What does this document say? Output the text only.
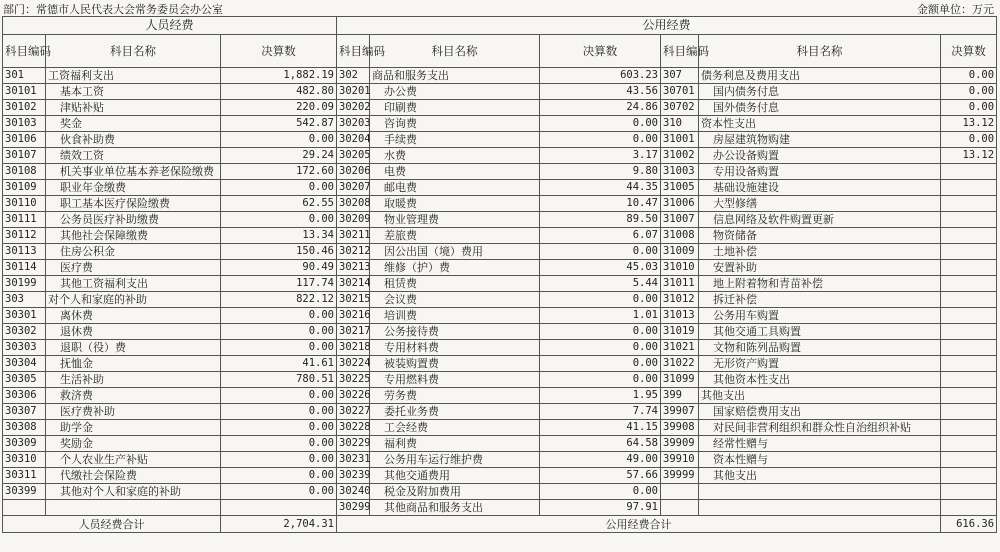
部门：常德市人民代表大会常务委员会办公室	金额单位：万元
人员经费			公用经费					
科目编码	科目名称	决算数	科目编码	科目名称	决算数	科目编码	科目名称	决算数
301	工资福利支出	1,882.19	302	商品和服务支出	603.23	307	债务利息及费用支出	0.00
30101	基本工资	482.80	30201	办公费	43.56	30701	国内债务付息	0.00
30102	津贴补贴	220.09	30202	印刷费	24.86	30702	国外债务付息	0.00
30103	奖金	542.87	30203	咨询费	0.00	310	资本性支出	13.12
30106	伙食补助费	0.00	30204	手续费	0.00	31001	房屋建筑物购建	0.00
30107	绩效工资	29.24	30205	水费	3.17	31002	办公设备购置	13.12
30108	机关事业单位基本养老保险缴费	172.60	30206	电费	9.80	31003	专用设备购置	
30109	职业年金缴费	0.00	30207	邮电费	44.35	31005	基础设施建设	
30110	职工基本医疗保险缴费	62.55	30208	取暖费	10.47	31006	大型修缮	
30111	公务员医疗补助缴费	0.00	30209	物业管理费	89.50	31007	信息网络及软件购置更新	
30112	其他社会保障缴费	13.34	30211	差旅费	6.07	31008	物资储备	
30113	住房公积金	150.46	30212	因公出国（境）费用	0.00	31009	土地补偿	
30114	医疗费	90.49	30213	维修（护）费	45.03	31010	安置补助	
30199	其他工资福利支出	117.74	30214	租赁费	5.44	31011	地上附着物和青苗补偿	
303	对个人和家庭的补助	822.12	30215	会议费	0.00	31012	拆迁补偿	
30301	离休费	0.00	30216	培训费	1.01	31013	公务用车购置	
30302	退休费	0.00	30217	公务接待费	0.00	31019	其他交通工具购置	
30303	退职（役）费	0.00	30218	专用材料费	0.00	31021	文物和陈列品购置	
30304	抚恤金	41.61	30224	被装购置费	0.00	31022	无形资产购置	
30305	生活补助	780.51	30225	专用燃料费	0.00	31099	其他资本性支出	
30306	救济费	0.00	30226	劳务费	1.95	399	其他支出	
30307	医疗费补助	0.00	30227	委托业务费	7.74	39907	国家赔偿费用支出	
30308	助学金	0.00	30228	工会经费	41.15	39908	对民间非营利组织和群众性自治组织补贴	
30309	奖励金	0.00	30229	福利费	64.58	39909	经常性赠与	
30310	个人农业生产补贴	0.00	30231	公务用车运行维护费	49.00	39910	资本性赠与	
30311	代缴社会保险费	0.00	30239	其他交通费用	57.66	39999	其他支出	
30399	其他对个人和家庭的补助	0.00	30240	税金及附加费用	0.00			
			30299	其他商品和服务支出	97.91			
人员经费合计		2,704.31	公用经费合计					616.36
